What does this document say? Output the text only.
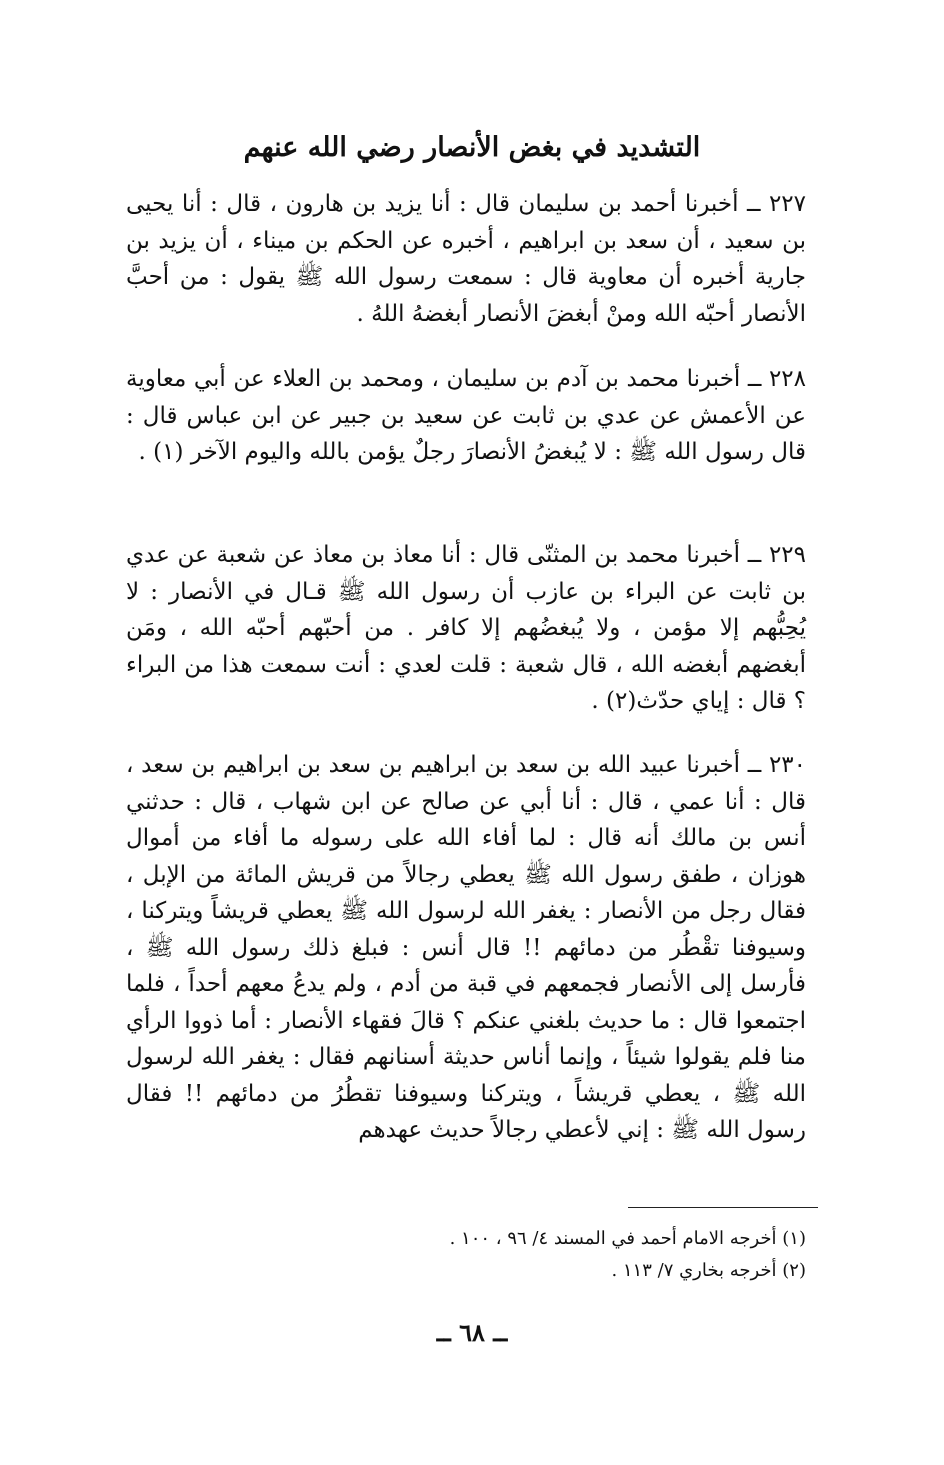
التشديد في بغض الأنصار رضي الله عنهم

٢٢٧ ــ أخبرنا أحمد بن سليمان قال : أنا يزيد بن هارون ، قال : أنا يحيى بن سعيد ، أن سعد بن ابراهيم ، أخبره عن الحكم بن ميناء ، أن يزيد بن جارية أخبره أن معاوية قال : سمعت رسول الله ﷺ يقول : من أحبَّ الأنصار أحبّه الله ومنْ أبغضَ الأنصار أبغضهُ اللهُ .

٢٢٨ ــ أخبرنا محمد بن آدم بن سليمان ، ومحمد بن العلاء عن أبي معاوية عن الأعمش عن عدي بن ثابت عن سعيد بن جبير عن ابن عباس قال : قال رسول الله ﷺ : لا يُبغضُ الأنصارَ رجلٌ يؤمن بالله واليوم الآخر (١) .

٢٢٩ ــ أخبرنا محمد بن المثنّى قال : أنا معاذ بن معاذ عن شعبة عن عدي بن ثابت عن البراء بن عازب أن رسول الله ﷺ قـال في الأنصار : لا يُحِبُّهم إلا مؤمن ، ولا يُبغضُهم إلا كافر . من أحبّهم أحبّه الله ، ومَن أبغضهم أبغضه الله ، قال شعبة : قلت لعدي : أنت سمعت هذا من البراء ؟ قال : إياي حدّث(٢) .

٢٣٠ ــ أخبرنا عبيد الله بن سعد بن ابراهيم بن سعد بن ابراهيم بن سعد ، قال : أنا عمي ، قال : أنا أبي عن صالح عن ابن شهاب ، قال : حدثني أنس بن مالك أنه قال : لما أفاء الله على رسوله ما أفاء من أموال هوزان ، طفق رسول الله ﷺ يعطي رجالاً من قريش المائة من الإبل ، فقال رجل من الأنصار : يغفر الله لرسول الله ﷺ يعطي قريشاً ويتركنا ، وسيوفنا تقْطُر من دمائهم !! قال أنس : فبلغ ذلك رسول الله ﷺ ، فأرسل إلى الأنصار فجمعهم في قبة من أدم ، ولم يدعُ معهم أحداً ، فلما اجتمعوا قال : ما حديث بلغني عنكم ؟ قالَ فقهاء الأنصار : أما ذووا الرأي منا فلم يقولوا شيئاً ، وإنما أناس حديثة أسنانهم فقال : يغفر الله لرسول الله ﷺ ، يعطي قريشاً ، ويتركنا وسيوفنا تقطُرُ من دمائهم !! فقال رسول الله ﷺ : إني لأعطي رجالاً حديث عهدهم

(١) أخرجه الامام أحمد في المسند ٤/ ٩٦ ، ١٠٠ .
(٢) أخرجه بخاري ٧/ ١١٣ .
ــ ٦٨ ــ
